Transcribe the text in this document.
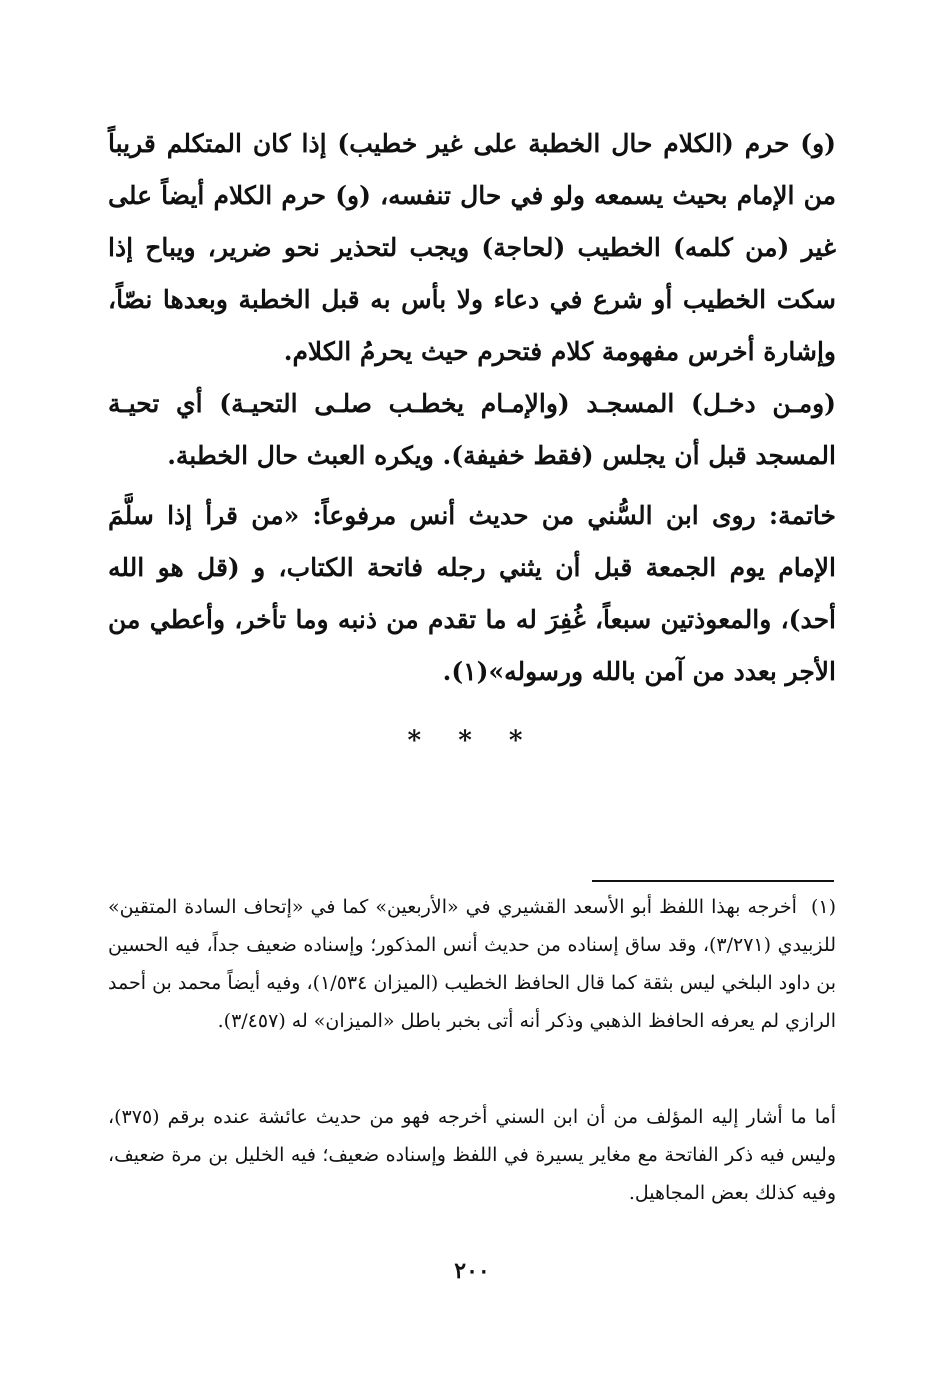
(و) حرم (الكلام حال الخطبة على غير خطيب) إذا كان المتكلم قريباً من الإمام بحيث يسمعه ولو في حال تنفسه، (و) حرم الكلام أيضاً على غير (من كلمه) الخطيب (لحاجة) ويجب لتحذير نحو ضرير، ويباح إذا سكت الخطيب أو شرع في دعاء ولا بأس به قبل الخطبة وبعدها نصّاً، وإشارة أخرس مفهومة كلام فتحرم حيث يحرمُ الكلام.

(ومـن دخـل) المسجـد (والإمـام يخطـب صلـى التحيـة) أي تحيـة المسجد قبل أن يجلس (فقط خفيفة). ويكره العبث حال الخطبة.

خاتمة: روى ابن السُّني من حديث أنس مرفوعاً: «من قرأ إذا سلَّمَ الإمام يوم الجمعة قبل أن يثني رجله فاتحة الكتاب، و (قل هو الله أحد)، والمعوذتين سبعاً، غُفِرَ له ما تقدم من ذنبه وما تأخر، وأعطي من الأجر بعدد من آمن بالله ورسوله»(١).

* * *
(١)أخرجه بهذا اللفظ أبو الأسعد القشيري في «الأربعين» كما في «إتحاف السادة المتقين» للزبيدي (٣/٢٧١)، وقد ساق إسناده من حديث أنس المذكور؛ وإسناده ضعيف جداً، فيه الحسين بن داود البلخي ليس بثقة كما قال الحافظ الخطيب (الميزان ١/٥٣٤)، وفيه أيضاً محمد بن أحمد الرازي لم يعرفه الحافظ الذهبي وذكر أنه أتى بخبر باطل «الميزان» له (٣/٤٥٧).
أما ما أشار إليه المؤلف من أن ابن السني أخرجه فهو من حديث عائشة عنده برقم (٣٧٥)، وليس فيه ذكر الفاتحة مع مغاير يسيرة في اللفظ وإسناده ضعيف؛ فيه الخليل بن مرة ضعيف، وفيه كذلك بعض المجاهيل.
٢٠٠
